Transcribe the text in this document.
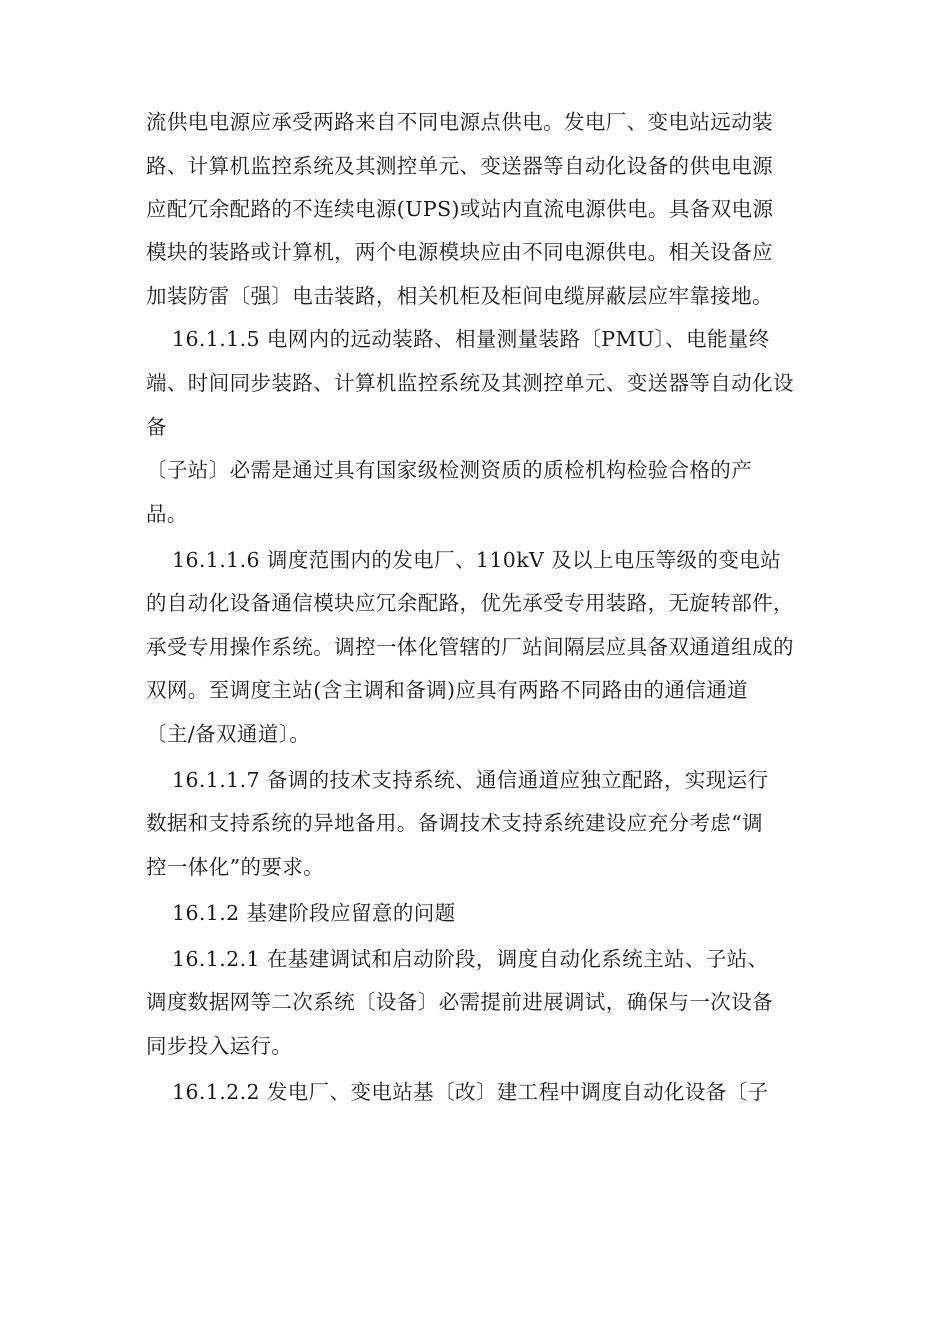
流供电电源应承受两路来自不同电源点供电。发电厂、变电站远动装
路、计算机监控系统及其测控单元、变送器等自动化设备的供电电源
应配冗余配路的不连续电源(UPS)或站内直流电源供电。具备双电源
模块的装路或计算机，两个电源模块应由不同电源供电。相关设备应
加装防雷〔强〕电击装路，相关机柜及柜间电缆屏蔽层应牢靠接地。
16.1.1.5 电网内的远动装路、相量测量装路〔PMU〕、电能量终
端、时间同步装路、计算机监控系统及其测控单元、变送器等自动化设
备
〔子站〕必需是通过具有国家级检测资质的质检机构检验合格的产
品。
16.1.1.6 调度范围内的发电厂、110kV 及以上电压等级的变电站
的自动化设备通信模块应冗余配路，优先承受专用装路，无旋转部件，
承受专用操作系统。调控一体化管辖的厂站间隔层应具备双通道组成的
双网。至调度主站(含主调和备调)应具有两路不同路由的通信通道
〔主/备双通道〕。
16.1.1.7 备调的技术支持系统、通信通道应独立配路，实现运行
数据和支持系统的异地备用。备调技术支持系统建设应充分考虑“调
控一体化”的要求。
16.1.2 基建阶段应留意的问题
16.1.2.1 在基建调试和启动阶段，调度自动化系统主站、子站、
调度数据网等二次系统〔设备〕必需提前进展调试，确保与一次设备
同步投入运行。
16.1.2.2 发电厂、变电站基〔改〕建工程中调度自动化设备〔子
